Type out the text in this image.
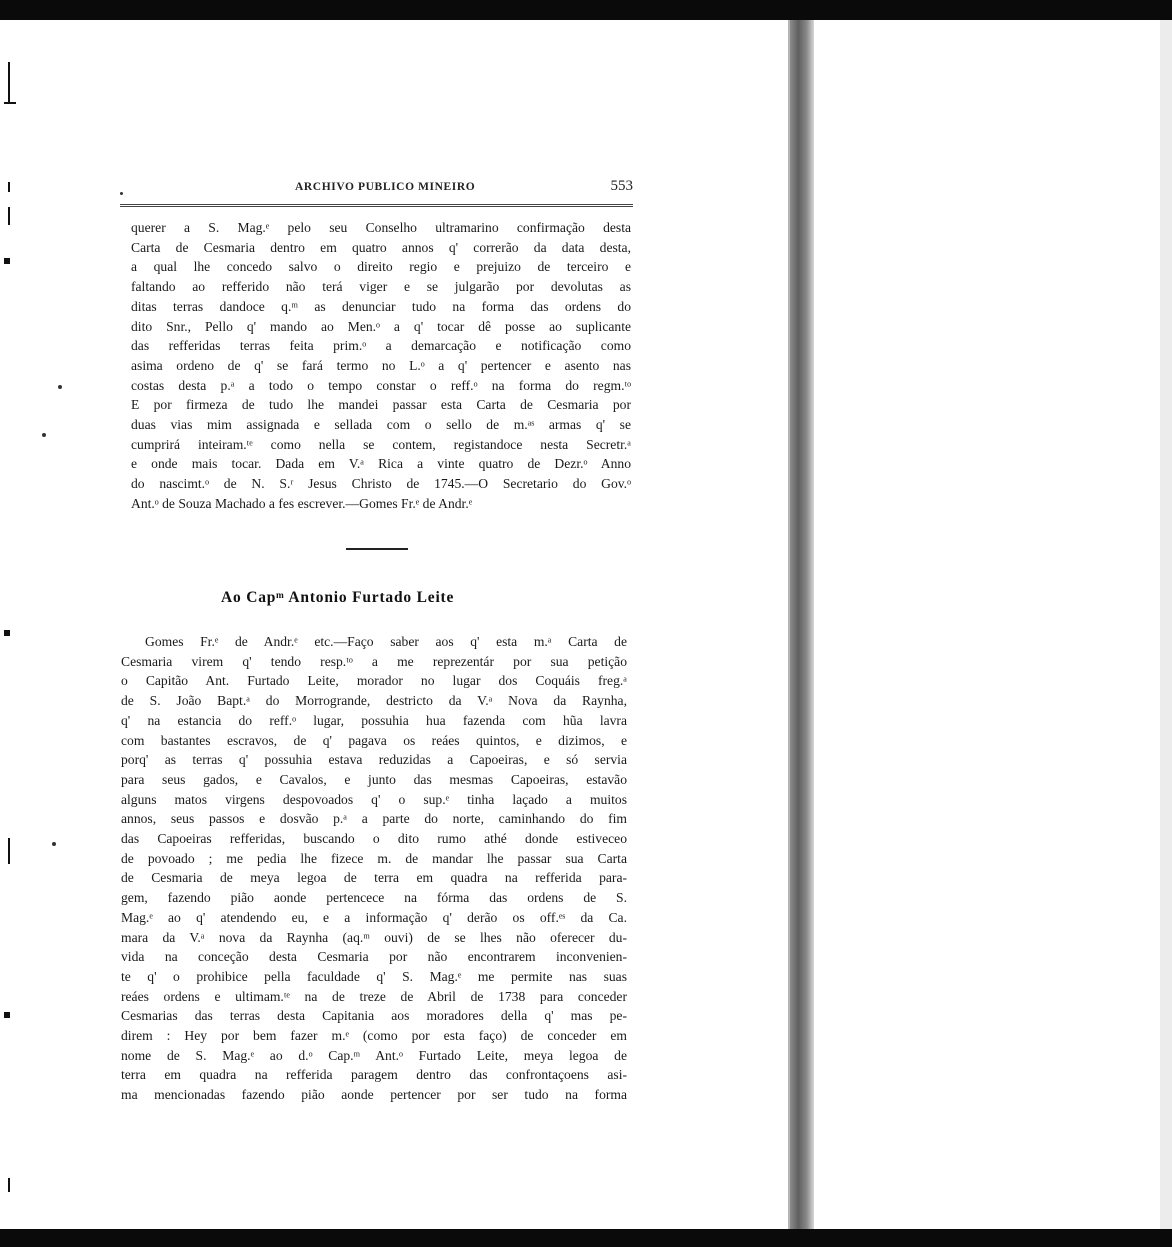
ARCHIVO PUBLICO MINEIRO	553

querer a S. Mag.ᵉ pelo seu Conselho ultramarino confirmação desta

Carta de Cesmaria dentro em quatro annos q' correrão da data desta,

a qual lhe concedo salvo o direito regio e prejuizo de terceiro e

faltando ao refferido não terá viger e se julgarão por devolutas as

ditas terras dandoce q.ᵐ as denunciar tudo na forma das ordens do

dito Snr., Pello q' mando ao Men.ᵒ a q' tocar dê posse ao suplicante

das refferidas terras feita prim.ᵒ a demarcação e notificação como

asima ordeno de q' se fará termo no L.ᵒ a q' pertencer e asento nas

costas desta p.ᵃ a todo o tempo constar o reff.ᵒ na forma do regm.ᵗᵒ

E por firmeza de tudo lhe mandei passar esta Carta de Cesmaria por

duas vias mim assignada e sellada com o sello de m.ᵃˢ armas q' se

cumprirá inteiram.ᵗᵉ como nella se contem, registandoce nesta Secretr.ᵃ

e onde mais tocar. Dada em V.ᵃ Rica a vinte quatro de Dezr.ᵒ Anno

do nascimt.ᵒ de N. S.ʳ Jesus Christo de 1745.—O Secretario do Gov.ᵒ

Ant.ᵒ de Souza Machado a fes escrever.—Gomes Fr.ᵉ de Andr.ᵉ

Ao Capᵐ Antonio Furtado Leite

Gomes Fr.ᵉ de Andr.ᵉ etc.—Faço saber aos q' esta m.ᵃ Carta de

Cesmaria virem q' tendo resp.ᵗᵒ a me reprezentár por sua petição

o Capitão Ant. Furtado Leite, morador no lugar dos Coquáis freg.ᵃ

de S. João Bapt.ᵃ do Morrogrande, destricto da V.ᵃ Nova da Raynha,

q' na estancia do reff.ᵒ lugar, possuhia hua fazenda com hũa lavra

com bastantes escravos, de q' pagava os reáes quintos, e dizimos, e

porq' as terras q' possuhia estava reduzidas a Capoeiras, e só servia

para seus gados, e Cavalos, e junto das mesmas Capoeiras, estavão

alguns matos virgens despovoados q' o sup.ᵉ tinha laçado a muitos

annos, seus passos e dosvão p.ᵃ a parte do norte, caminhando do fim

das Capoeiras refferidas, buscando o dito rumo athé donde estiveceo

de povoado ; me pedia lhe fizece m. de mandar lhe passar sua Carta

de Cesmaria de meya legoa de terra em quadra na refferida para-

gem, fazendo pião aonde pertencece na fórma das ordens de S.

Mag.ᵉ ao q' atendendo eu, e a informação q' derão os off.ᵉˢ da Ca.

mara da V.ᵃ nova da Raynha (aq.ᵐ ouvi) de se lhes não oferecer du-

vida na conceção desta Cesmaria por não encontrarem inconvenien-

te q' o prohibice pella faculdade q' S. Mag.ᵉ me permite nas suas

reáes ordens e ultimam.ᵗᵉ na de treze de Abril de 1738 para conceder

Cesmarias das terras desta Capitania aos moradores della q' mas pe-

direm : Hey por bem fazer m.ᵉ (como por esta faço) de conceder em

nome de S. Mag.ᵉ ao d.ᵒ Cap.ᵐ Ant.ᵒ Furtado Leite, meya legoa de

terra em quadra na refferida paragem dentro das confrontaçoens asi-

ma mencionadas fazendo pião aonde pertencer por ser tudo na forma
